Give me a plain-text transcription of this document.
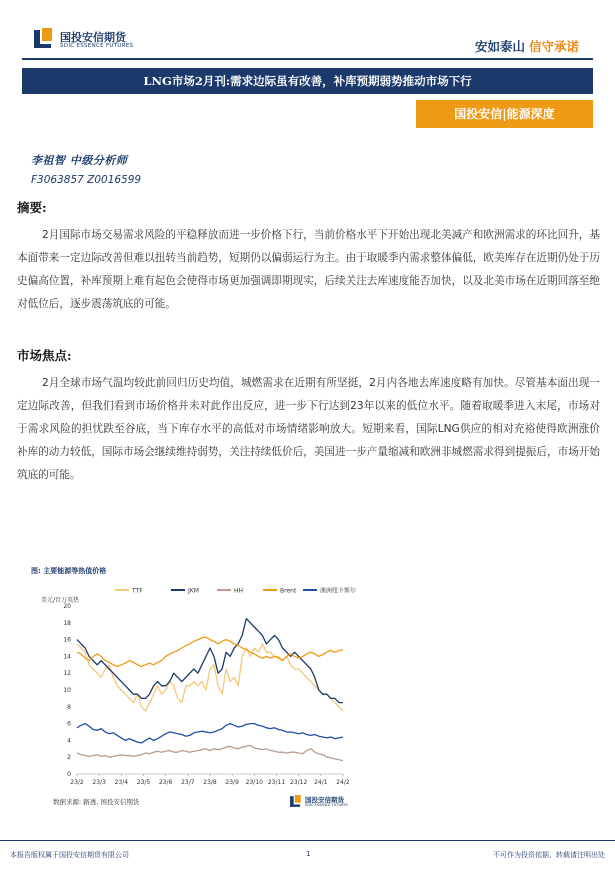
国投安信期货
SDIC ESSENCE FUTURES	安如泰山 信守承诺
LNG市场2月刊:需求边际虽有改善，补库预期弱势推动市场下行
国投安信|能源深度
李祖智 中级分析师
F3063857 Z0016599
摘要:
2月国际市场交易需求风险的平稳释放而进一步价格下行，当前价格水平下开始出现北美减产和欧洲需求的环比回升，基本面带来一定边际改善但难以扭转当前趋势，短期仍以偏弱运行为主。由于取暖季内需求整体偏低，欧美库存在近期仍处于历史偏高位置，补库预期上难有起色会使得市场更加强调即期现实，后续关注去库速度能否加快，以及北美市场在近期回落至绝对低位后，逐步震荡筑底的可能。
市场焦点:
2月全球市场气温均较此前回归历史均值，城燃需求在近期有所坚挺，2月内各地去库速度略有加快。尽管基本面出现一定边际改善，但我们看到市场价格并未对此作出反应，进一步下行达到23年以来的低位水平。随着取暖季进入末尾，市场对于需求风险的担忧跌至谷底，当下库存水平的高低对市场情绪影响放大。短期来看，国际LNG供应的相对充裕使得欧洲涨价补库的动力较低，国际市场会继续维持弱势，关注持续低价后，美国进一步产量缩减和欧洲非城燃需求得到提振后，市场开始筑底的可能。
图: 主要能源等热值价格
美元/百万英热
0
2
4
6
8
10
12
14
16
18
20
23/2 23/3 23/4 23/5 23/6 23/7 23/8 23/9 23/10 23/11 23/12 24/1 24/2
TTF	JKM	HH	Brent	澳洲纽卡斯尔
数据来源: 路透, 国投安信期货	国投安信期货
SDIC ESSENCE FUTURES
本报告版权属于国投安信期货有限公司	1	不可作为投资依据，转载请注明出处
